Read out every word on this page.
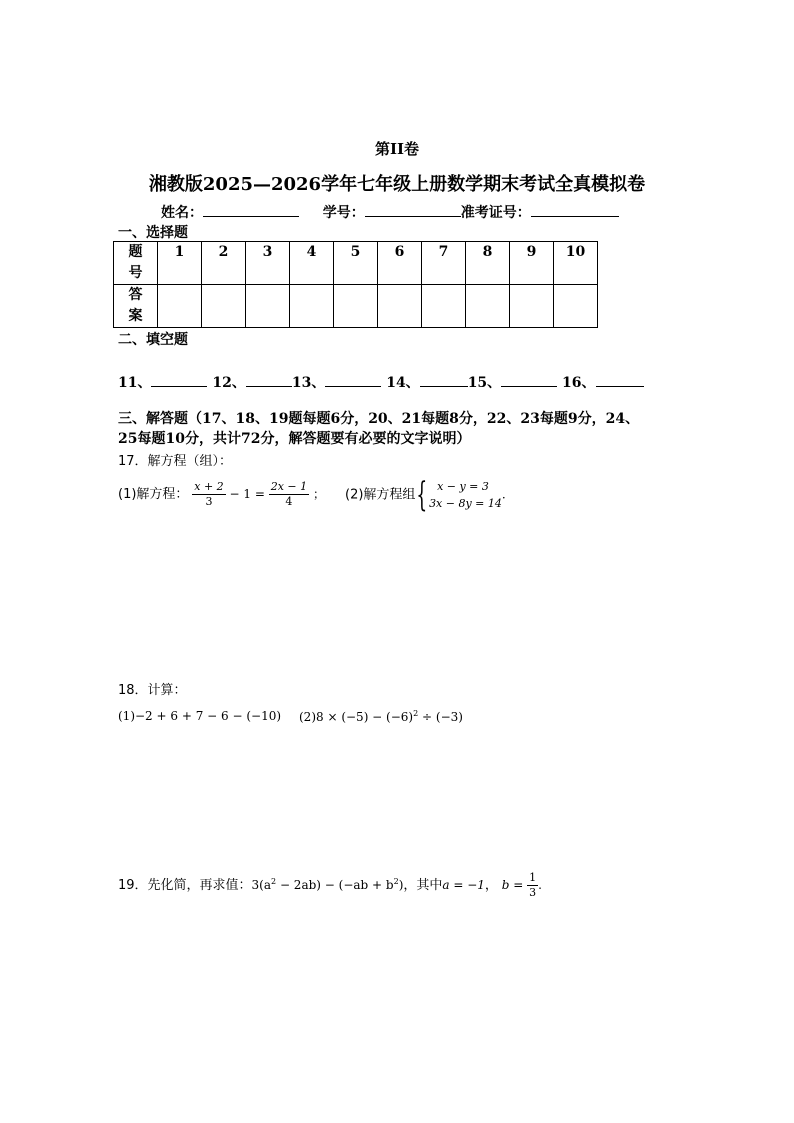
第II卷
湘教版2025—2026学年七年级上册数学期末考试全真模拟卷
姓名：	学号：	准考证号：
一、选择题
题
号	1	2	3	4	5	6	7	8	9	10

答
案										

二、填空题
11、	12、	13、	14、	15、	16、
三、解答题（17、18、19题每题6分，20、21每题8分，22、23每题9分，24、
25每题10分，共计72分，解答题要有必要的文字说明）
17．解方程（组）：
(1)解方程： $\frac{x + 2}{3} - 1 = \frac{2x - 1}{4}$ ； (2)解方程组{ x − y = 3
3x − 8y = 14
.
18．计算：
(1)−2 + 6 + 7 − 6 − (−10) $(2)8 \times (-5) - (-6)^2 \div (-3)$
19．先化简，再求值：$3(a^2 - 2ab) - (-ab + b^2)$，其中a = −1， $b = \frac{1}{3}$ .
